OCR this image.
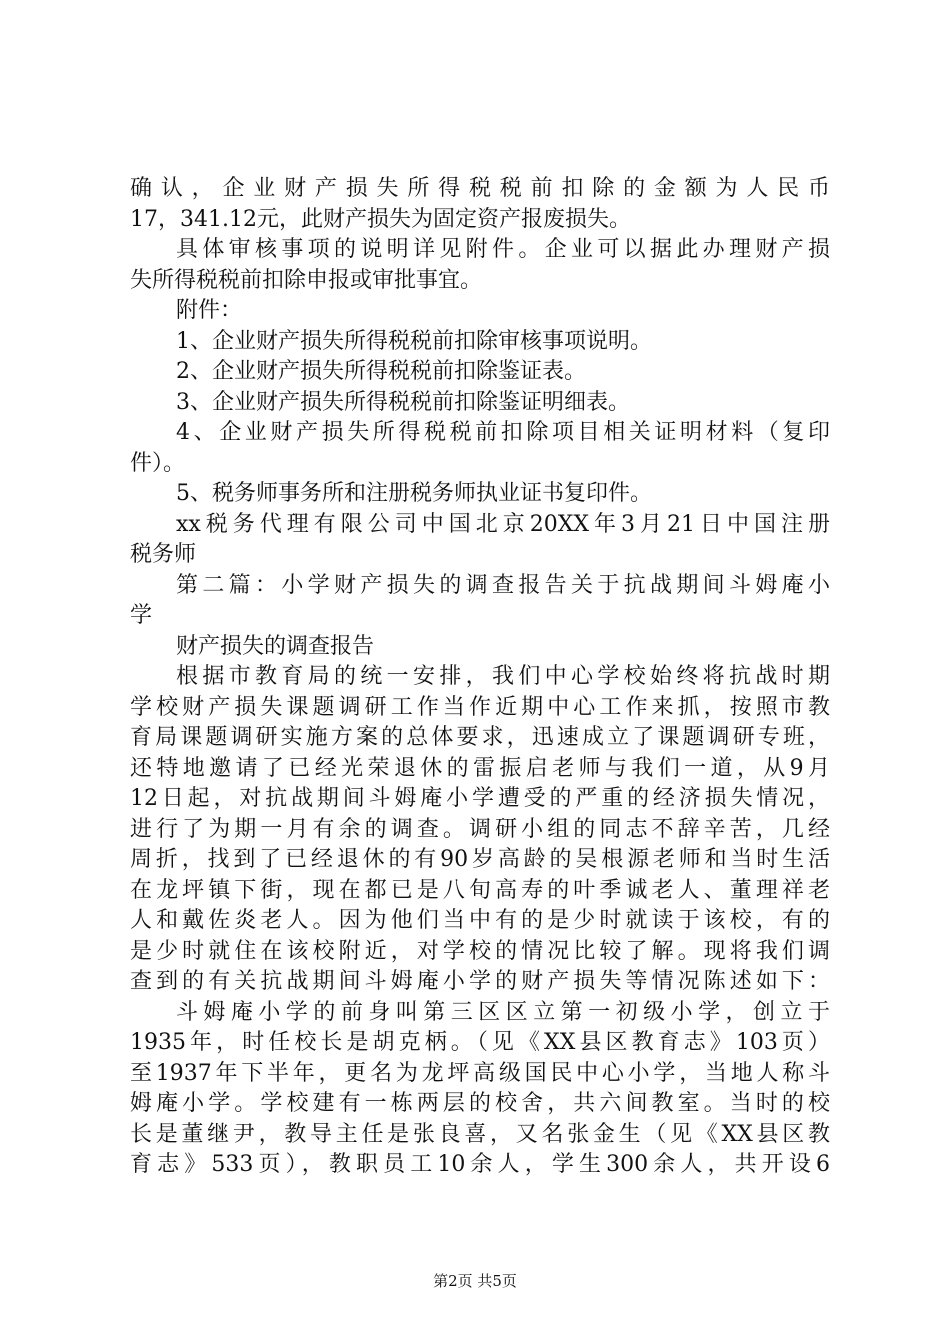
确认，企业财产损失所得税税前扣除的金额为人民币
17，341.12元，此财产损失为固定资产报废损失。
具体审核事项的说明详见附件。企业可以据此办理财产损
失所得税税前扣除申报或审批事宜。
附件：
1、企业财产损失所得税税前扣除审核事项说明。
2、企业财产损失所得税税前扣除鉴证表。
3、企业财产损失所得税税前扣除鉴证明细表。
4、企业财产损失所得税税前扣除项目相关证明材料（复印
件）。
5、税务师事务所和注册税务师执业证书复印件。
xx税务代理有限公司中国北京20XX年3月21日中国注册
税务师
第二篇：小学财产损失的调查报告关于抗战期间斗姆庵小
学
财产损失的调查报告
根据市教育局的统一安排，我们中心学校始终将抗战时期
学校财产损失课题调研工作当作近期中心工作来抓，按照市教
育局课题调研实施方案的总体要求，迅速成立了课题调研专班，
还特地邀请了已经光荣退休的雷振启老师与我们一道，从9月
12日起，对抗战期间斗姆庵小学遭受的严重的经济损失情况，
进行了为期一月有余的调查。调研小组的同志不辞辛苦，几经
周折，找到了已经退休的有90岁高龄的吴根源老师和当时生活
在龙坪镇下街，现在都已是八旬高寿的叶季诚老人、董理祥老
人和戴佐炎老人。因为他们当中有的是少时就读于该校，有的
是少时就住在该校附近，对学校的情况比较了解。现将我们调
查到的有关抗战期间斗姆庵小学的财产损失等情况陈述如下：
斗姆庵小学的前身叫第三区区立第一初级小学，创立于
1935年，时任校长是胡克柄。（见《XX县区教育志》103页）
至1937年下半年，更名为龙坪高级国民中心小学，当地人称斗
姆庵小学。学校建有一栋两层的校舍，共六间教室。当时的校
长是董继尹，教导主任是张良喜，又名张金生（见《XX县区教
育志》533页），教职员工10余人，学生300余人，共开设6
第2页 共5页
